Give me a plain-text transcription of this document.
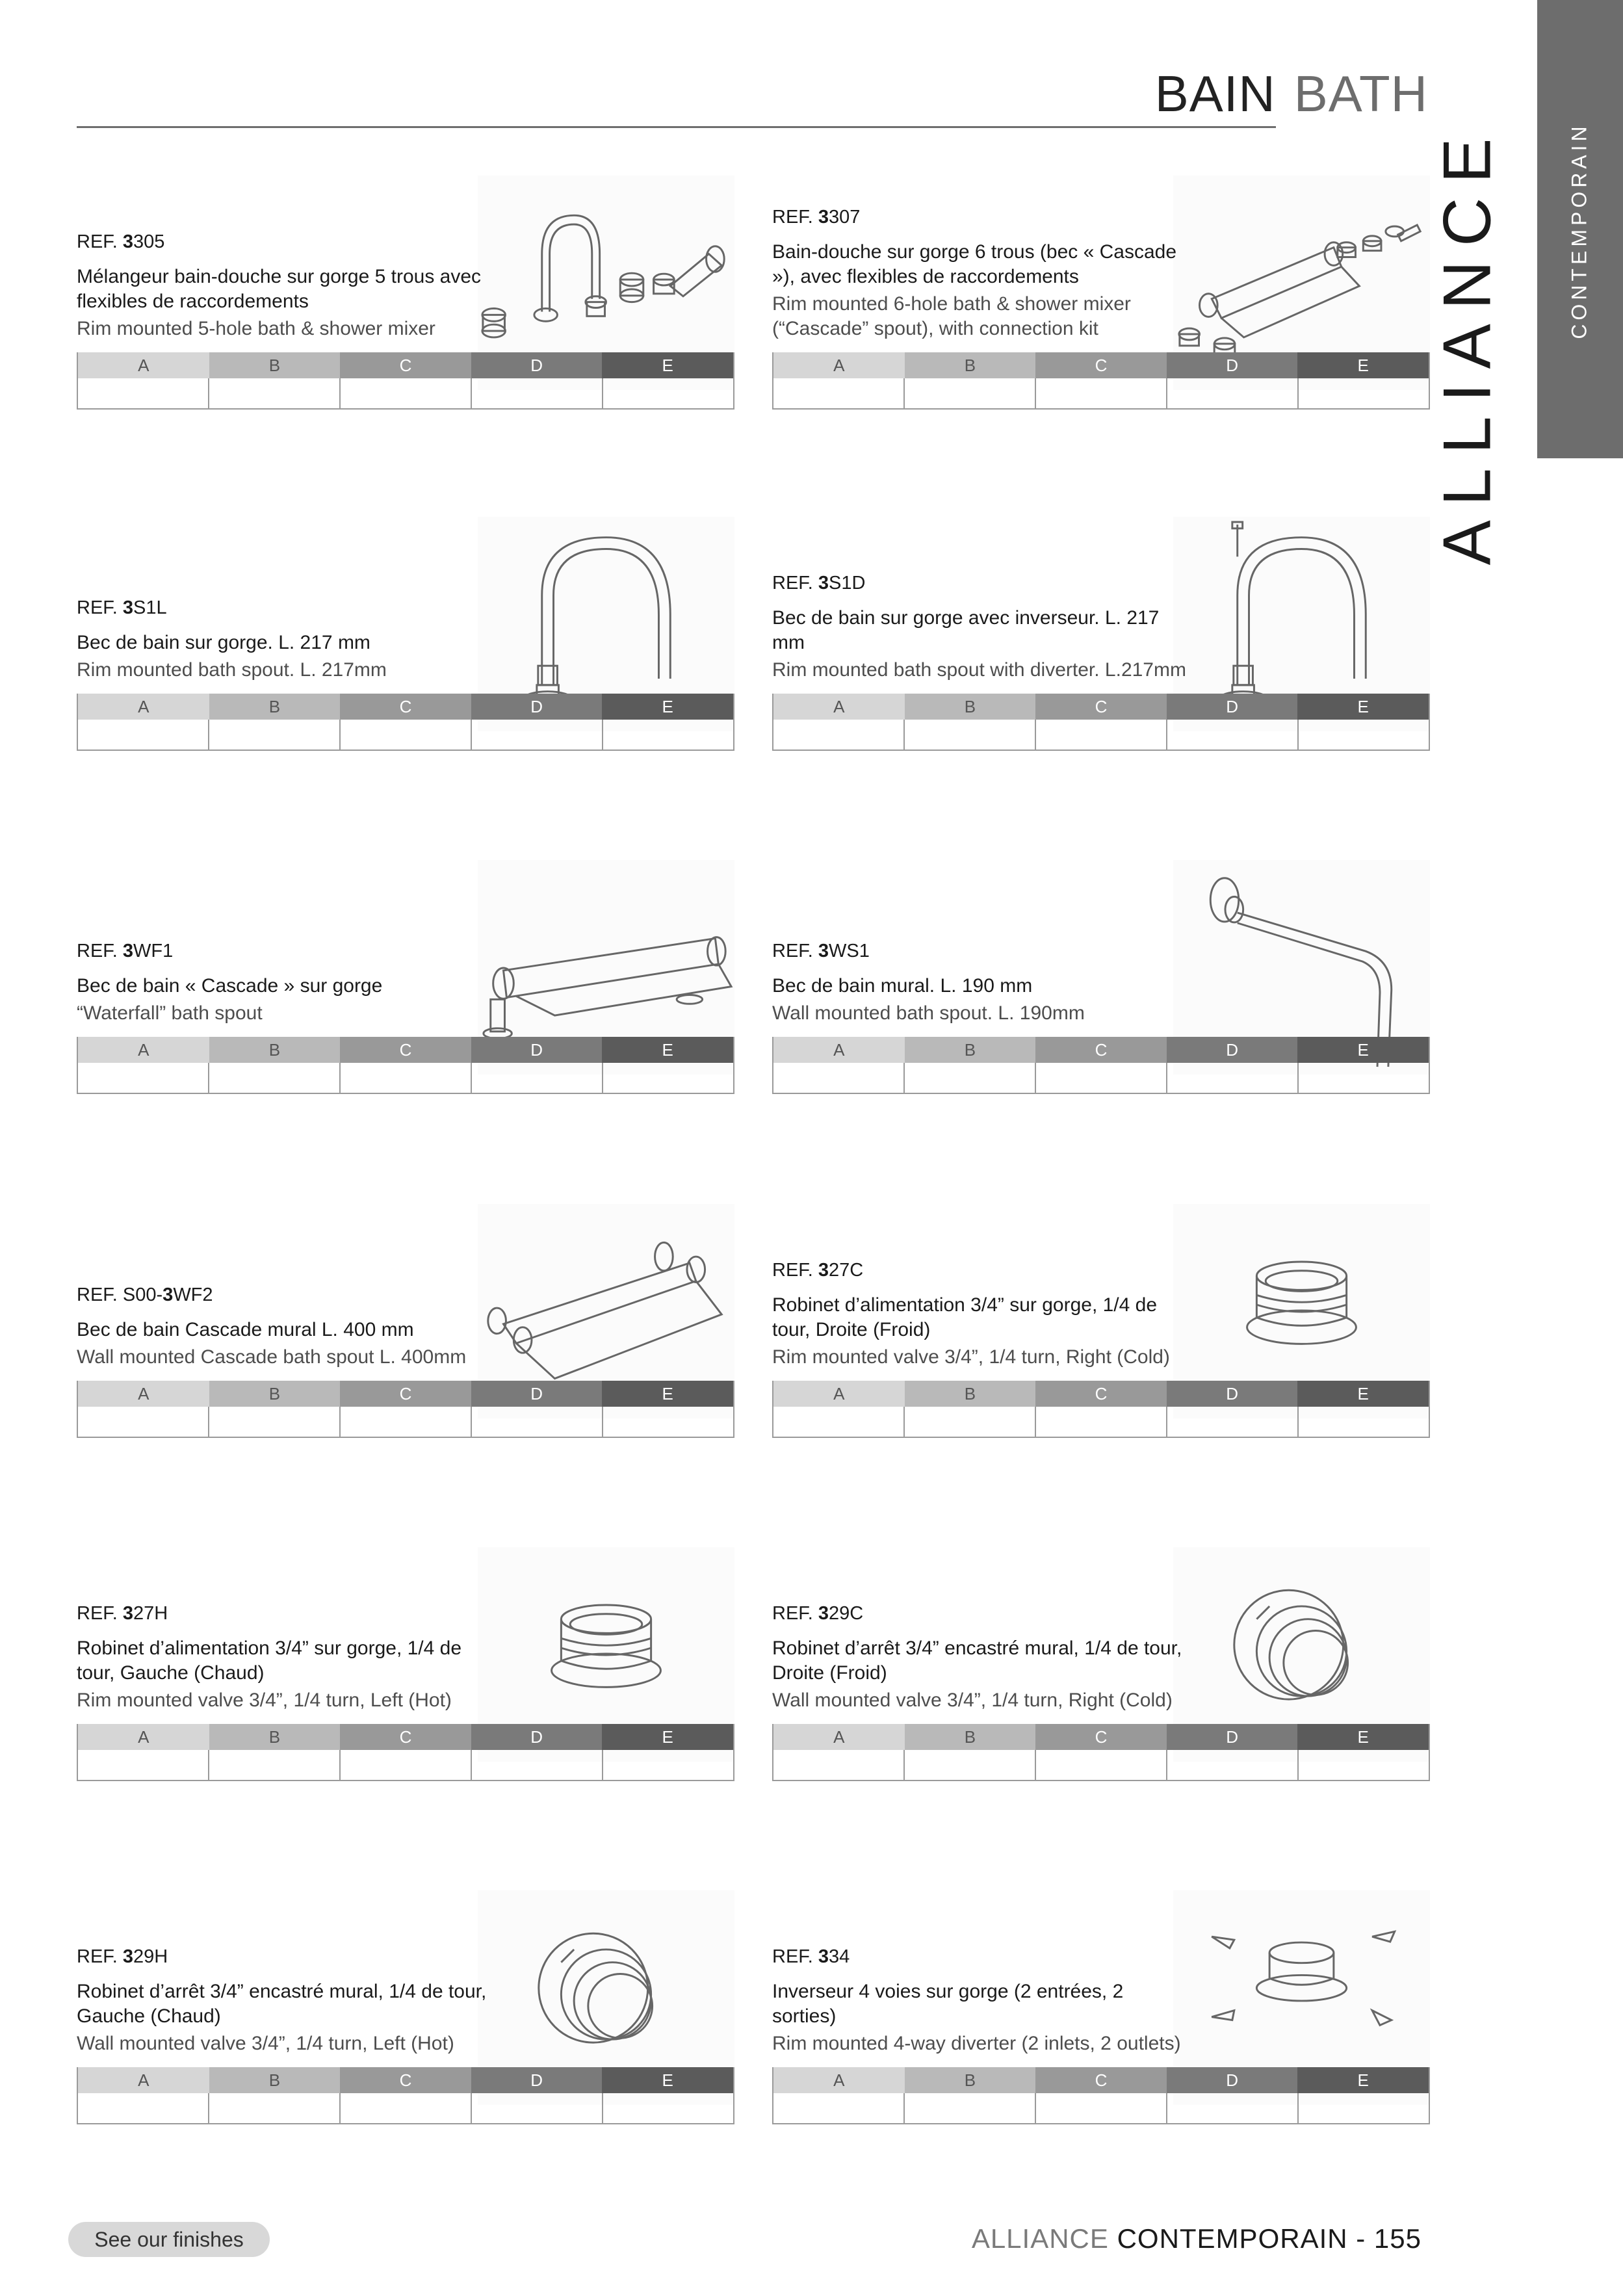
BAIN BATH
CONTEMPORAIN
ALLIANCE

REF. 3305

Mélangeur bain-douche sur gorge 5 trous avec flexibles de raccordements

Rim mounted 5-hole bath & shower mixer

A	B	C	D	E

REF. 3307

Bain-douche sur gorge 6 trous (bec « Cascade »), avec flexibles de raccordements

Rim mounted 6-hole bath & shower mixer (“Cascade” spout), with connection kit

A	B	C	D	E

REF. 3S1L

Bec de bain sur gorge. L. 217 mm

Rim mounted bath spout. L. 217mm

A	B	C	D	E

REF. 3S1D

Bec de bain sur gorge avec inverseur. L. 217 mm

Rim mounted bath spout with diverter. L.217mm

A	B	C	D	E

REF. 3WF1

Bec de bain « Cascade » sur gorge

“Waterfall” bath spout

A	B	C	D	E

REF. 3WS1

Bec de bain mural. L. 190 mm

Wall mounted bath spout. L. 190mm

A	B	C	D	E

REF. S00-3WF2

Bec de bain Cascade mural L. 400 mm

Wall mounted Cascade bath spout L. 400mm

A	B	C	D	E

REF. 327C

Robinet d’alimentation 3/4” sur gorge, 1/4 de tour, Droite (Froid)

Rim mounted valve 3/4”, 1/4 turn, Right (Cold)

A	B	C	D	E

REF. 327H

Robinet d’alimentation 3/4” sur gorge, 1/4 de tour, Gauche (Chaud)

Rim mounted valve 3/4”, 1/4 turn, Left (Hot)

A	B	C	D	E

REF. 329C

Robinet d’arrêt 3/4” encastré mural, 1/4 de tour, Droite (Froid)

Wall mounted valve 3/4”, 1/4 turn, Right (Cold)

A	B	C	D	E

REF. 329H

Robinet d’arrêt 3/4” encastré mural, 1/4 de tour, Gauche (Chaud)

Wall mounted valve 3/4”, 1/4 turn, Left (Hot)

A	B	C	D	E

REF. 334

Inverseur 4 voies sur gorge (2 entrées, 2 sorties)

Rim mounted 4-way diverter (2 inlets, 2 outlets)

A	B	C	D	E
See our finishes	ALLIANCE CONTEMPORAIN - 155
